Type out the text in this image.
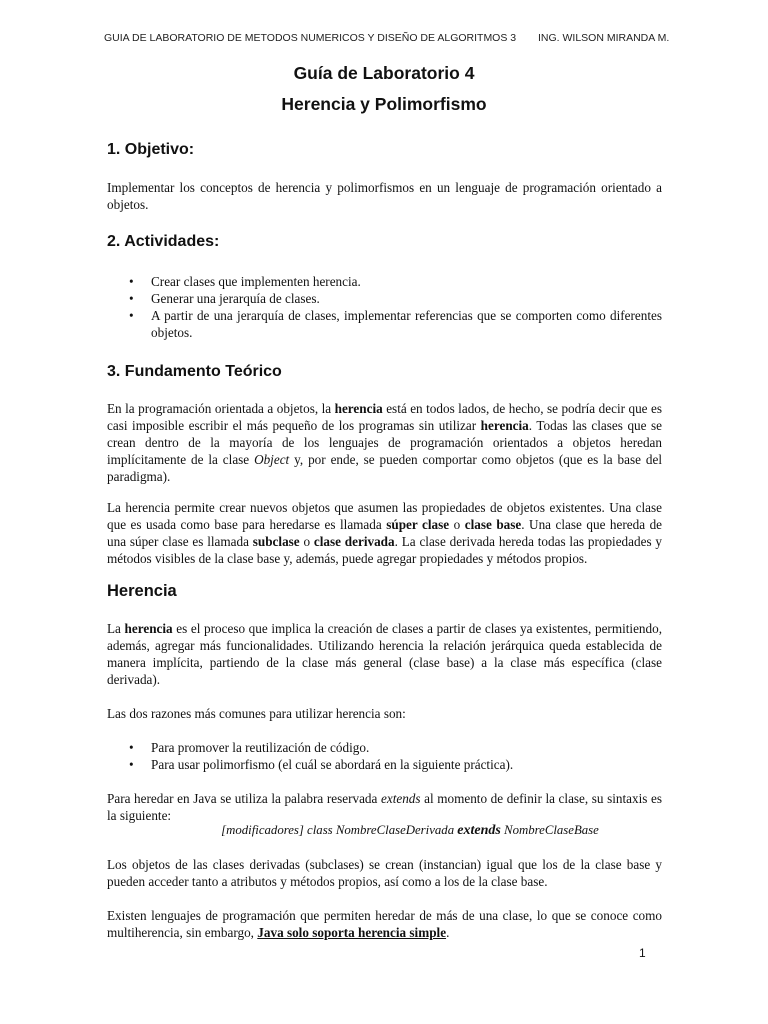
GUIA DE LABORATORIO DE METODOS NUMERICOS Y DISEÑO DE ALGORITMOS 3 ING. WILSON MIRANDA M.
Guía de Laboratorio 4
Herencia y Polimorfismo
1. Objetivo:

Implementar los conceptos de herencia y polimorfismos en un lenguaje de programación orientado a objetos.

2. Actividades:
• Crear clases que implementen herencia.
• Generar una jerarquía de clases.
• A partir de una jerarquía de clases, implementar referencias que se comporten como diferentes objetos.
3. Fundamento Teórico

En la programación orientada a objetos, la herencia está en todos lados, de hecho, se podría decir que es casi imposible escribir el más pequeño de los programas sin utilizar herencia. Todas las clases que se crean dentro de la mayoría de los lenguajes de programación orientados a objetos heredan implícitamente de la clase Object y, por ende, se pueden comportar como objetos (que es la base del paradigma).

La herencia permite crear nuevos objetos que asumen las propiedades de objetos existentes. Una clase que es usada como base para heredarse es llamada súper clase o clase base. Una clase que hereda de una súper clase es llamada subclase o clase derivada. La clase derivada hereda todas las propiedades y métodos visibles de la clase base y, además, puede agregar propiedades y métodos propios.

Herencia

La herencia es el proceso que implica la creación de clases a partir de clases ya existentes, permitiendo, además, agregar más funcionalidades. Utilizando herencia la relación jerárquica queda establecida de manera implícita, partiendo de la clase más general (clase base) a la clase más específica (clase derivada).

Las dos razones más comunes para utilizar herencia son:

• Para promover la reutilización de código.
• Para usar polimorfismo (el cuál se abordará en la siguiente práctica).

Para heredar en Java se utiliza la palabra reservada extends al momento de definir la clase, su sintaxis es la siguiente:

[modificadores] class NombreClaseDerivada extends NombreClaseBase

Los objetos de las clases derivadas (subclases) se crean (instancian) igual que los de la clase base y pueden acceder tanto a atributos y métodos propios, así como a los de la clase base.

Existen lenguajes de programación que permiten heredar de más de una clase, lo que se conoce como multiherencia, sin embargo, Java solo soporta herencia simple.

1
